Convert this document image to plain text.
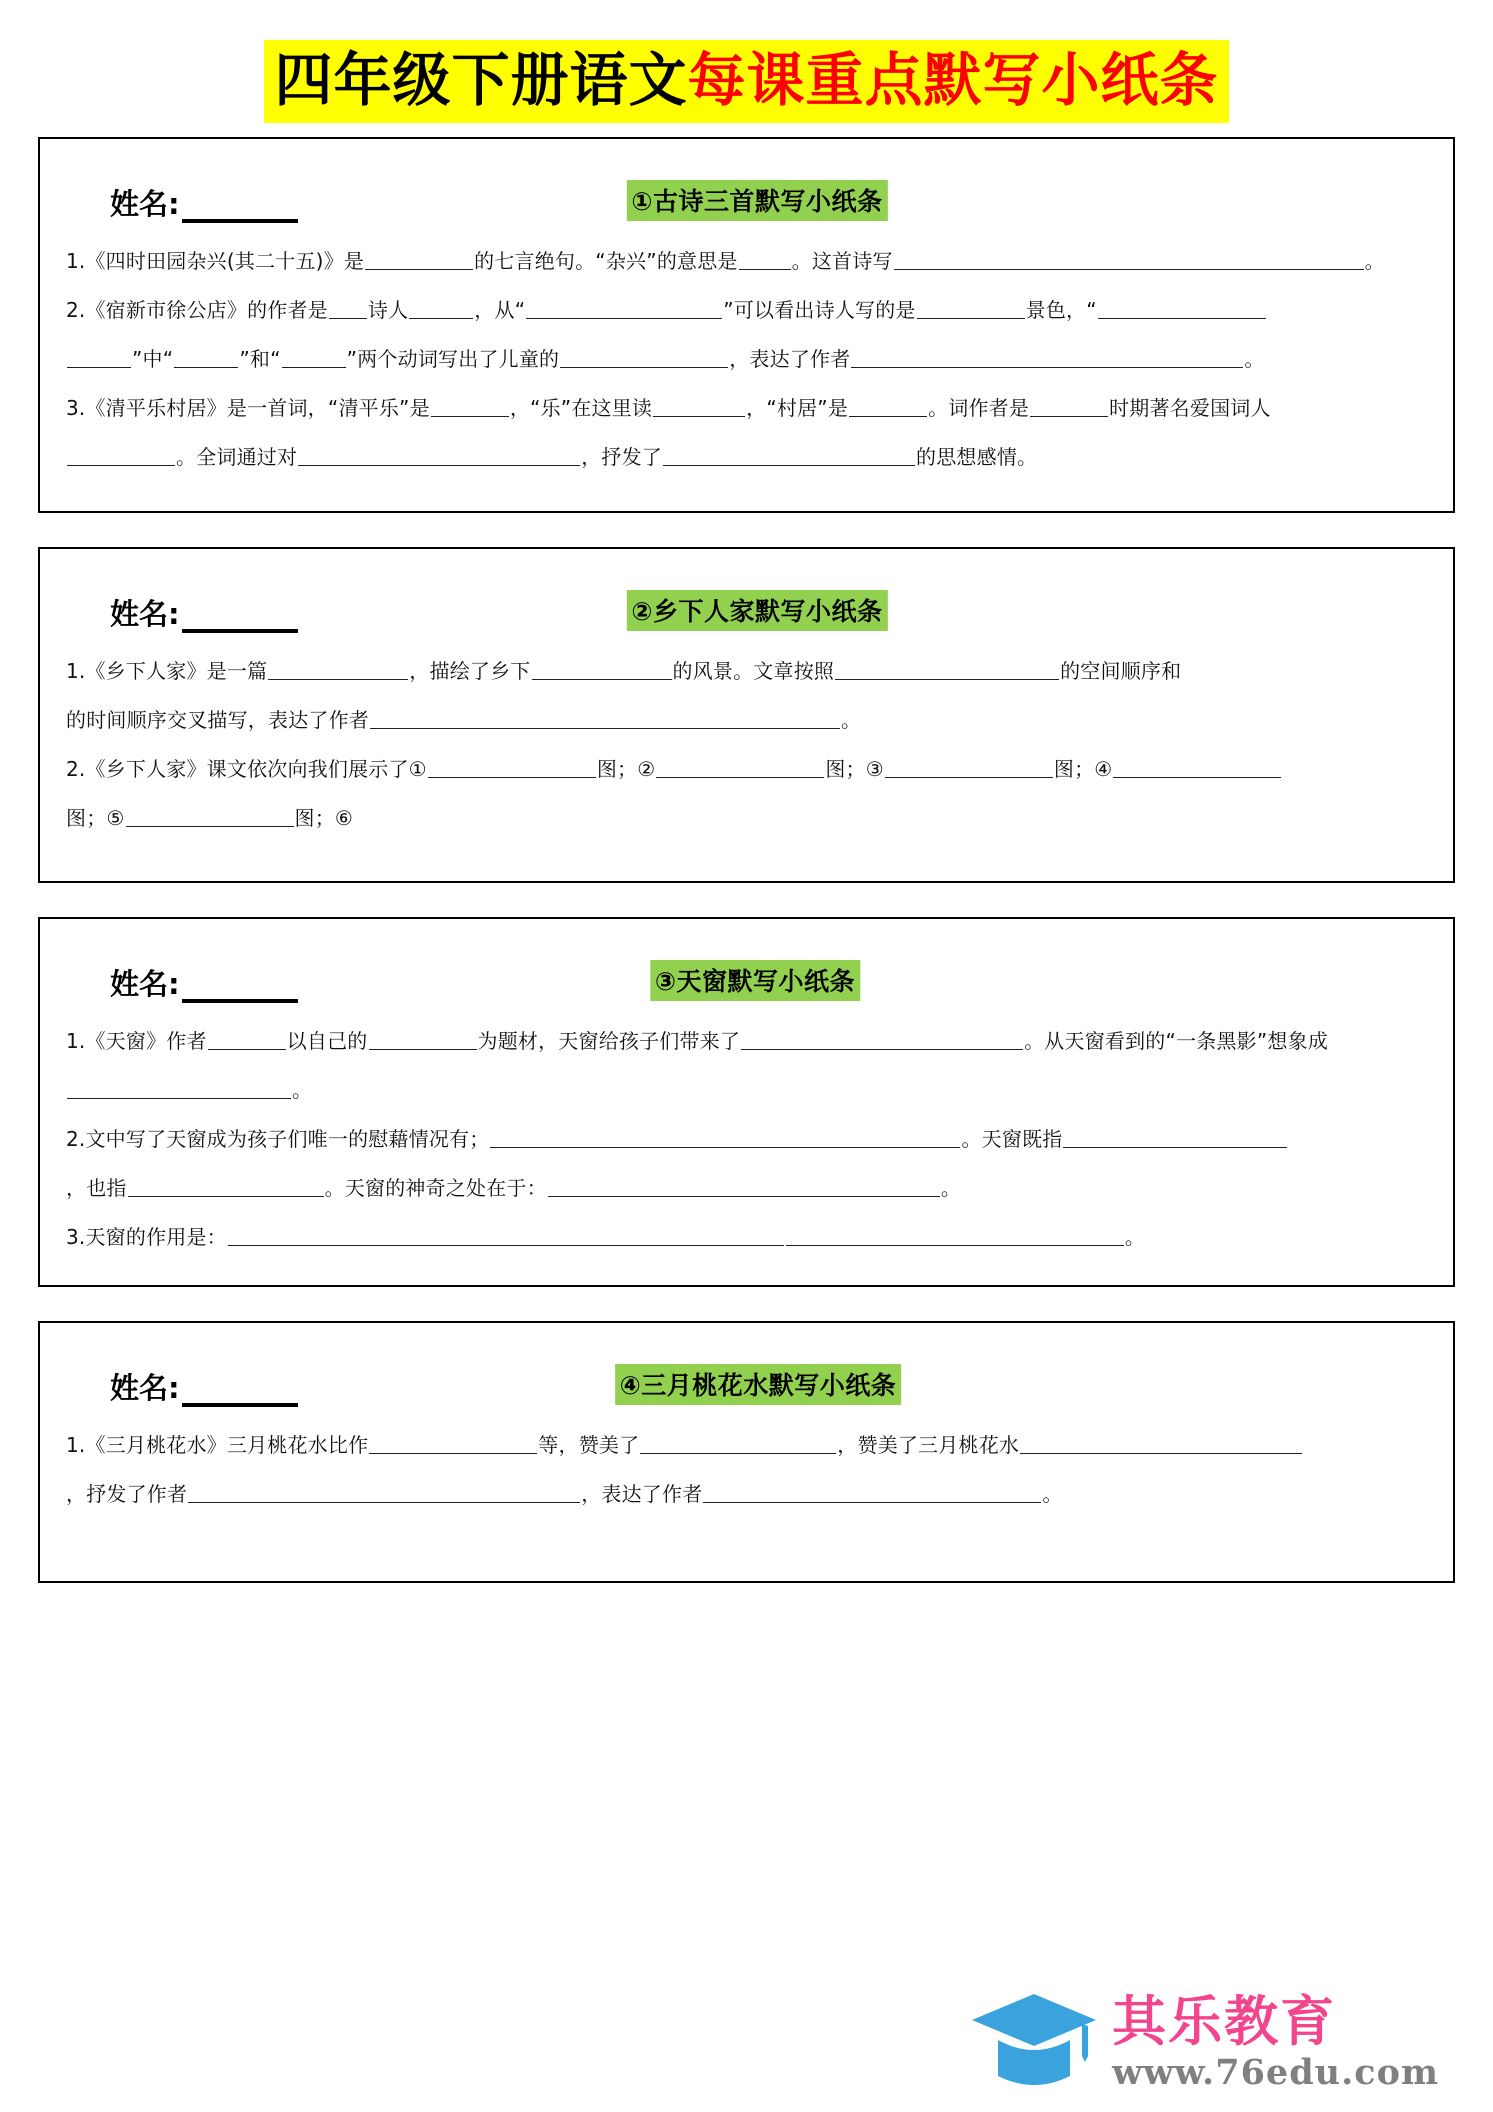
四年级下册语文每课重点默写小纸条
姓名:	①古诗三首默写小纸条
1.《四时田园杂兴(其二十五)》是	的七言绝句。“杂兴”的意思是	。这首诗写	。
2.《宿新市徐公店》的作者是 诗人	，从“	”可以看出诗人写的是	景色，“
”中“	”和“	”两个动词写出了儿童的	，表达了作者	。
3.《清平乐村居》是一首词，“清平乐”是	，“乐”在这里读	，“村居”是	。词作者是	时期著名爱国词人
。全词通过对	，抒发了	的思想感情。
姓名:	②乡下人家默写小纸条
1.《乡下人家》是一篇	，描绘了乡下	的风景。文章按照	的空间顺序和
的时间顺序交叉描写，表达了作者	。
2.《乡下人家》课文依次向我们展示了①	图；②	图；③	图；④
图；⑤	图；⑥
姓名:	③天窗默写小纸条
1.《天窗》作者	以自己的	为题材，天窗给孩子们带来了	。从天窗看到的“一条黑影”想象成
。
2.文中写了天窗成为孩子们唯一的慰藉情况有；	。天窗既指
，也指	。天窗的神奇之处在于：	。
3.天窗的作用是：	。
姓名:	④三月桃花水默写小纸条
1.《三月桃花水》三月桃花水比作	等，赞美了	，赞美了三月桃花水
，抒发了作者	，表达了作者	。
其乐教育
www.76edu.com
